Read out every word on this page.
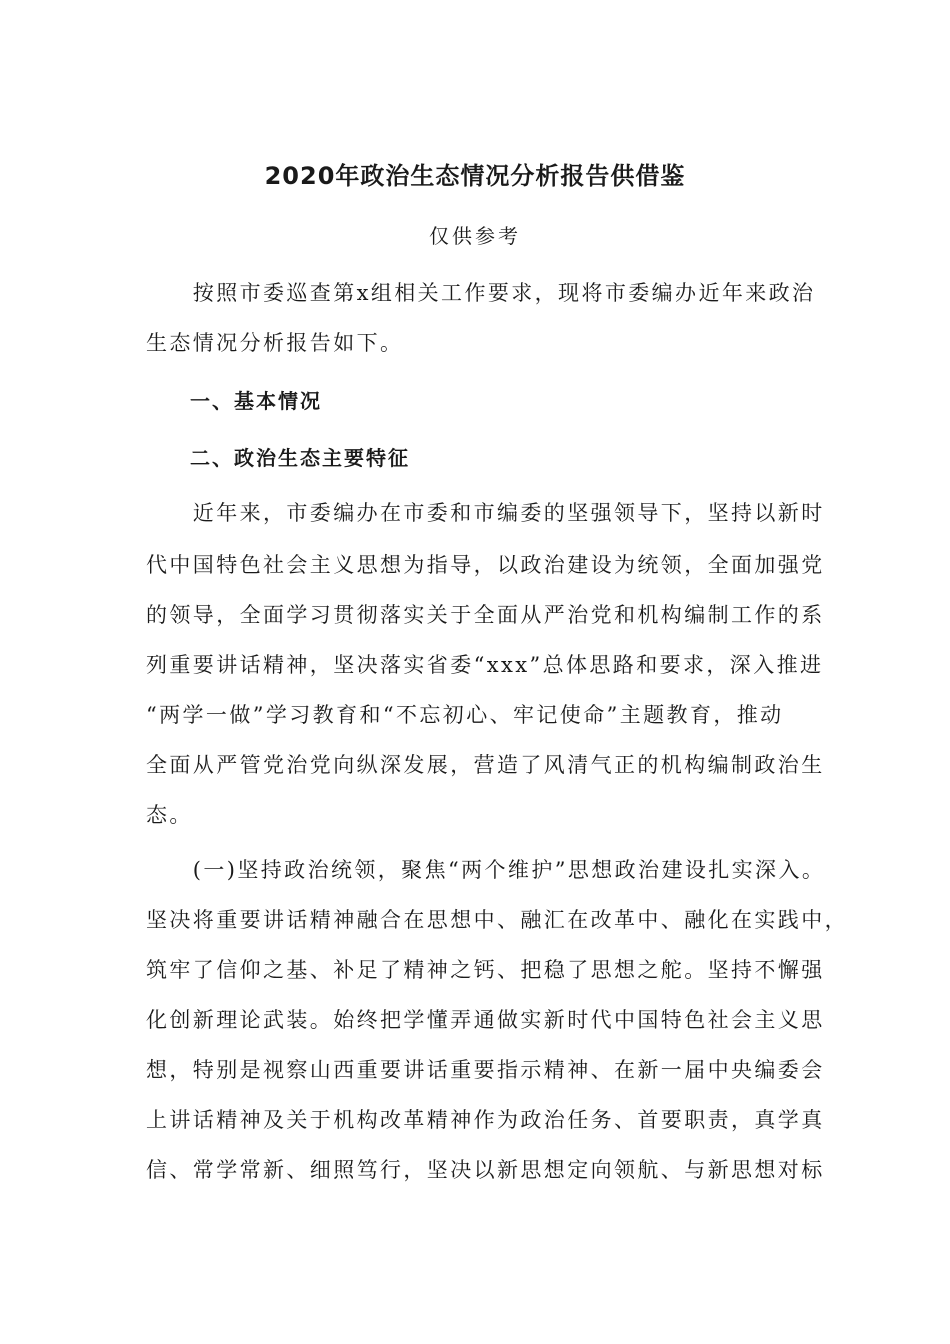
2020年政治生态情况分析报告供借鉴
仅供参考
　　按照市委巡查第x组相关工作要求，现将市委编办近年来政治
生态情况分析报告如下。
一、基本情况
二、政治生态主要特征
　　近年来，市委编办在市委和市编委的坚强领导下，坚持以新时
代中国特色社会主义思想为指导，以政治建设为统领，全面加强党
的领导，全面学习贯彻落实关于全面从严治党和机构编制工作的系
列重要讲话精神，坚决落实省委“xxx”总体思路和要求，深入推进
“两学一做”学习教育和“不忘初心、牢记使命”主题教育，推动
全面从严管党治党向纵深发展，营造了风清气正的机构编制政治生
态。
　　(一)坚持政治统领，聚焦“两个维护”思想政治建设扎实深入。
坚决将重要讲话精神融合在思想中、融汇在改革中、融化在实践中，
筑牢了信仰之基、补足了精神之钙、把稳了思想之舵。坚持不懈强
化创新理论武装。始终把学懂弄通做实新时代中国特色社会主义思
想，特别是视察山西重要讲话重要指示精神、在新一届中央编委会
上讲话精神及关于机构改革精神作为政治任务、首要职责，真学真
信、常学常新、细照笃行，坚决以新思想定向领航、与新思想对标
